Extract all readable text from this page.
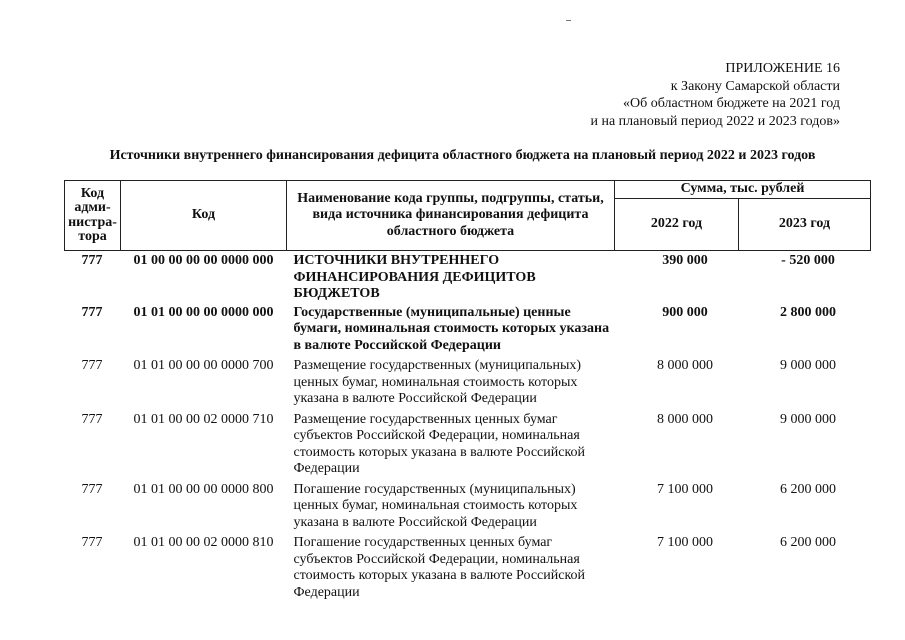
ПРИЛОЖЕНИЕ 16
к Закону Самарской области
«Об областном бюджете на 2021 год
и на плановый период 2022 и 2023 годов»
Источники внутреннего финансирования дефицита областного бюджета на плановый период 2022 и 2023 годов
Код
адми-
нистра-
тора	Код	Наименование кода группы, подгруппы, статьи, вида источника финансирования дефицита областного бюджета	Сумма, тыс. рублей	
			2022 год	2023 год
777	01 00 00 00 00 0000 000	ИСТОЧНИКИ ВНУТРЕННЕГО ФИНАНСИРОВАНИЯ ДЕФИЦИТОВ БЮДЖЕТОВ	390 000	- 520 000
777	01 01 00 00 00 0000 000	Государственные (муниципальные) ценные бумаги, номинальная стоимость которых указана в валюте Российской Федерации	900 000	2 800 000
777	01 01 00 00 00 0000 700	Размещение государственных (муниципальных) ценных бумаг, номинальная стоимость которых указана в валюте Российской Федерации	8 000 000	9 000 000
777	01 01 00 00 02 0000 710	Размещение государственных ценных бумаг субъектов Российской Федерации, номинальная стоимость которых указана в валюте Российской Федерации	8 000 000	9 000 000
777	01 01 00 00 00 0000 800	Погашение государственных (муниципальных) ценных бумаг, номинальная стоимость которых указана в валюте Российской Федерации	7 100 000	6 200 000
777	01 01 00 00 02 0000 810	Погашение государственных ценных бумаг субъектов Российской Федерации, номинальная стоимость которых указана в валюте Российской Федерации	7 100 000	6 200 000
